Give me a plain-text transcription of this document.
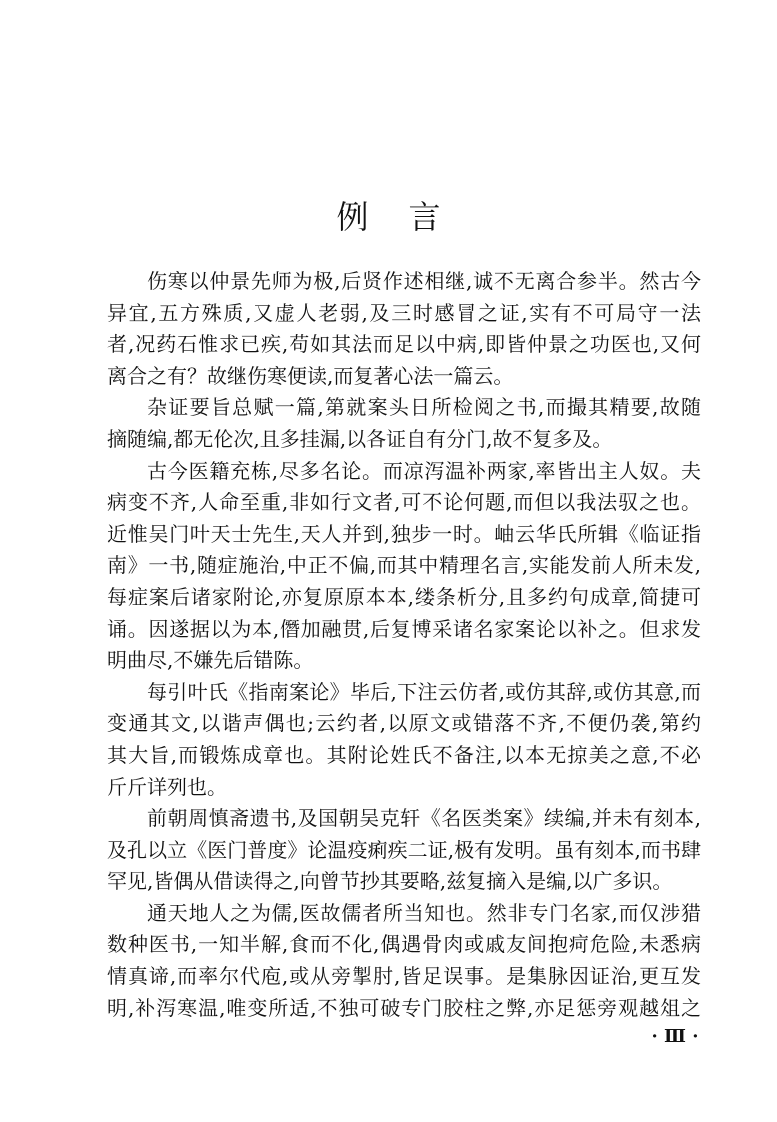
例言
伤寒以仲景先师为极,后贤作述相继,诚不无离合参半。然古今
异宜,五方殊质,又虚人老弱,及三时感冒之证,实有不可局守一法
者,况药石惟求已疾,苟如其法而足以中病,即皆仲景之功医也,又何
离合之有？故继伤寒便读,而复著心法一篇云。
杂证要旨总赋一篇,第就案头日所检阅之书,而撮其精要,故随
摘随编,都无伦次,且多挂漏,以各证自有分门,故不复多及。
古今医籍充栋,尽多名论。而凉泻温补两家,率皆出主人奴。夫
病变不齐,人命至重,非如行文者,可不论何题,而但以我法驭之也。
近惟吴门叶天士先生,天人并到,独步一时。岫云华氏所辑《临证指
南》一书,随症施治,中正不偏,而其中精理名言,实能发前人所未发,
每症案后诸家附论,亦复原原本本,缕条析分,且多约句成章,简捷可
诵。因遂据以为本,僭加融贯,后复博采诸名家案论以补之。但求发
明曲尽,不嫌先后错陈。
每引叶氏《指南案论》毕后,下注云仿者,或仿其辞,或仿其意,而
变通其文,以谐声偶也;云约者,以原文或错落不齐,不便仍袭,第约
其大旨,而锻炼成章也。其附论姓氏不备注,以本无掠美之意,不必
斤斤详列也。
前朝周慎斋遗书,及国朝吴克轩《名医类案》续编,并未有刻本,
及孔以立《医门普度》论温疫痢疾二证,极有发明。虽有刻本,而书肆
罕见,皆偶从借读得之,向曾节抄其要略,兹复摘入是编,以广多识。
通天地人之为儒,医故儒者所当知也。然非专门名家,而仅涉猎
数种医书,一知半解,食而不化,偶遇骨肉或戚友间抱疴危险,未悉病
情真谛,而率尔代庖,或从旁掣肘,皆足误事。是集脉因证治,更互发
明,补泻寒温,唯变所适,不独可破专门胶柱之弊,亦足惩旁观越俎之
· Ⅲ ·
